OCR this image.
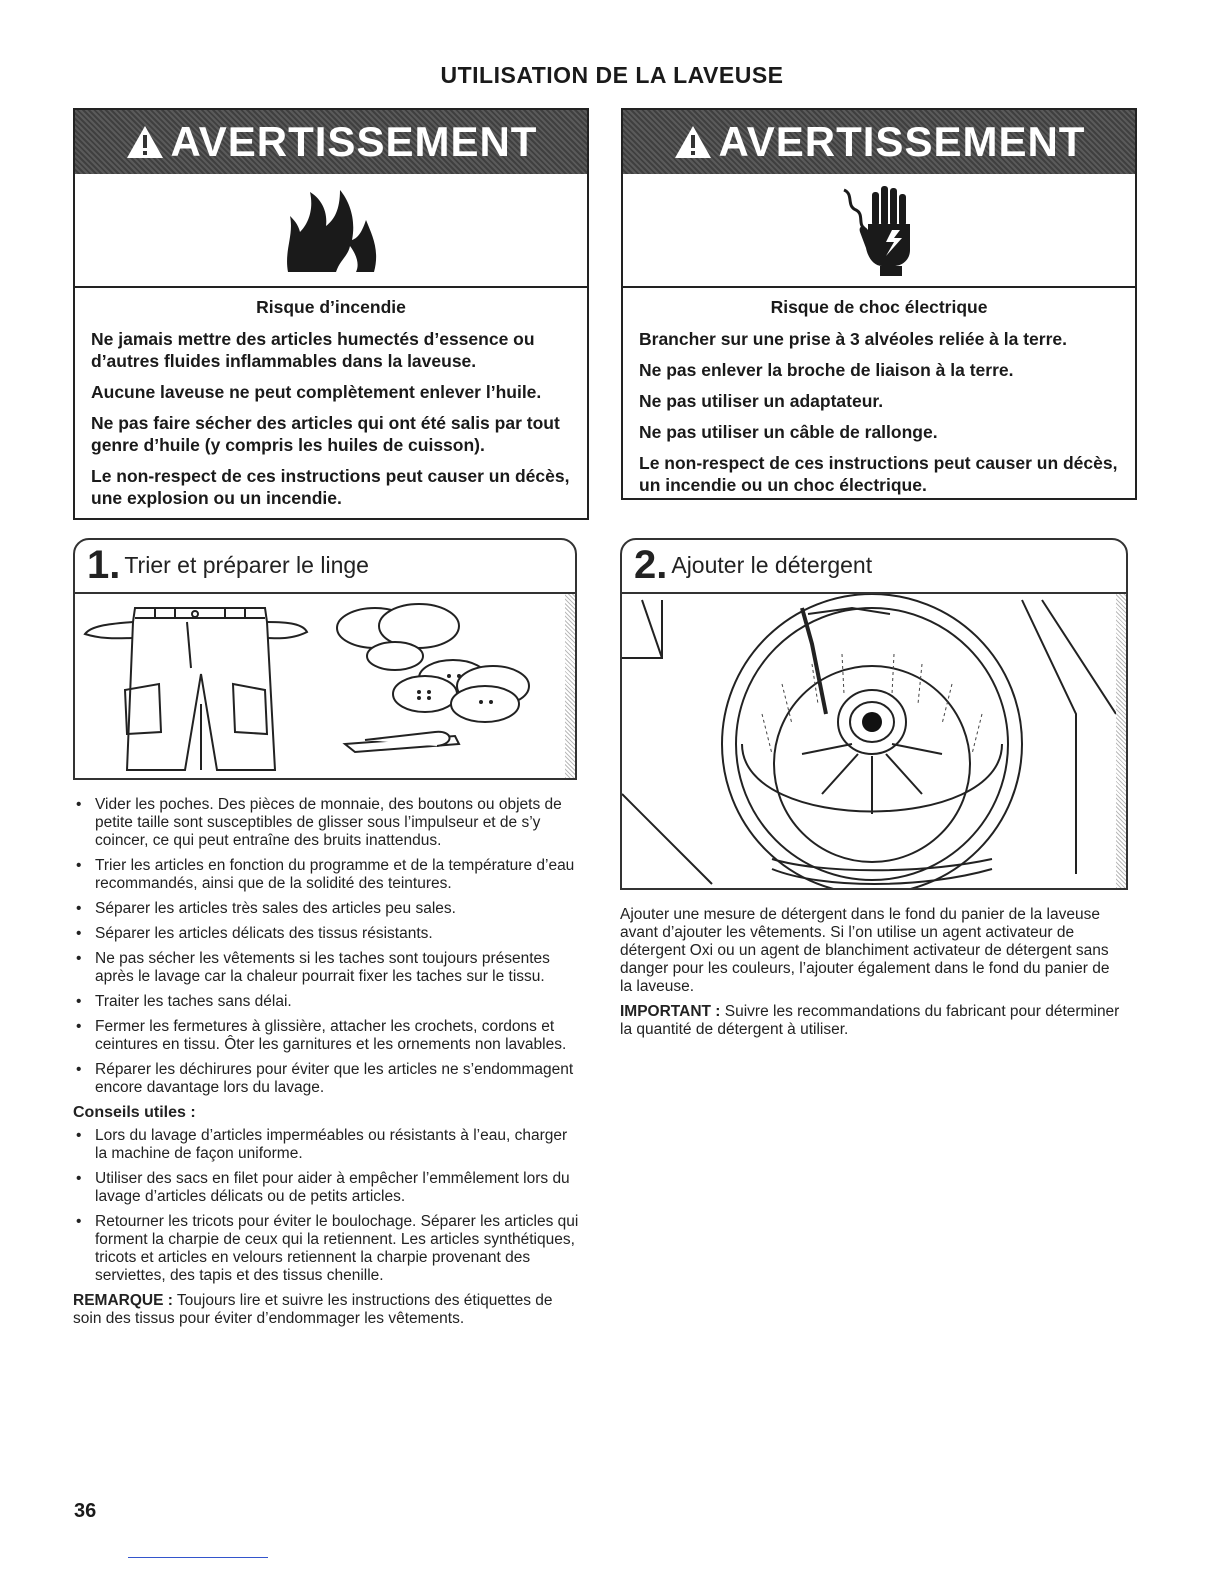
UTILISATION DE LA LAVEUSE
AVERTISSEMENT
Risque d’incendie

Ne jamais mettre des articles humectés d’essence ou d’autres fluides inflammables dans la laveuse.

Aucune laveuse ne peut complètement enlever l’huile.

Ne pas faire sécher des articles qui ont été salis par tout genre d’huile (y compris les huiles de cuisson).

Le non-respect de ces instructions peut causer un décès, une explosion ou un incendie.

AVERTISSEMENT
Risque de choc électrique

Brancher sur une prise à 3 alvéoles reliée à la terre.

Ne pas enlever la broche de liaison à la terre.

Ne pas utiliser un adaptateur.

Ne pas utiliser un câble de rallonge.

Le non-respect de ces instructions peut causer un décès, un incendie ou un choc électrique.

1. Trier et préparer le linge	2. Ajouter le détergent
• Vider les poches. Des pièces de monnaie, des boutons ou objets de petite taille sont susceptibles de glisser sous l’impulseur et de s’y coincer, ce qui peut entraîne des bruits inattendus.
• Trier les articles en fonction du programme et de la température d’eau recommandés, ainsi que de la solidité des teintures.
• Séparer les articles très sales des articles peu sales.
• Séparer les articles délicats des tissus résistants.
• Ne pas sécher les vêtements si les taches sont toujours présentes après le lavage car la chaleur pourrait fixer les taches sur le tissu.
• Traiter les taches sans délai.
• Fermer les fermetures à glissière, attacher les crochets, cordons et ceintures en tissu. Ôter les garnitures et les ornements non lavables.
• Réparer les déchirures pour éviter que les articles ne s’endommagent encore davantage lors du lavage.
Conseils utiles :
• Lors du lavage d’articles imperméables ou résistants à l’eau, charger la machine de façon uniforme.
• Utiliser des sacs en filet pour aider à empêcher l’emmêlement lors du lavage d’articles délicats ou de petits articles.
• Retourner les tricots pour éviter le boulochage. Séparer les articles qui forment la charpie de ceux qui la retiennent. Les articles synthétiques, tricots et articles en velours retiennent la charpie provenant des serviettes, des tapis et des tissus chenille.

REMARQUE : Toujours lire et suivre les instructions des étiquettes de soin des tissus pour éviter d’endommager les vêtements.

Ajouter une mesure de détergent dans le fond du panier de la laveuse avant d’ajouter les vêtements. Si l’on utilise un agent activateur de détergent Oxi ou un agent de blanchiment activateur de détergent sans danger pour les couleurs, l’ajouter également dans le fond du panier de la laveuse.

IMPORTANT : Suivre les recommandations du fabricant pour déterminer la quantité de détergent à utiliser.

36
